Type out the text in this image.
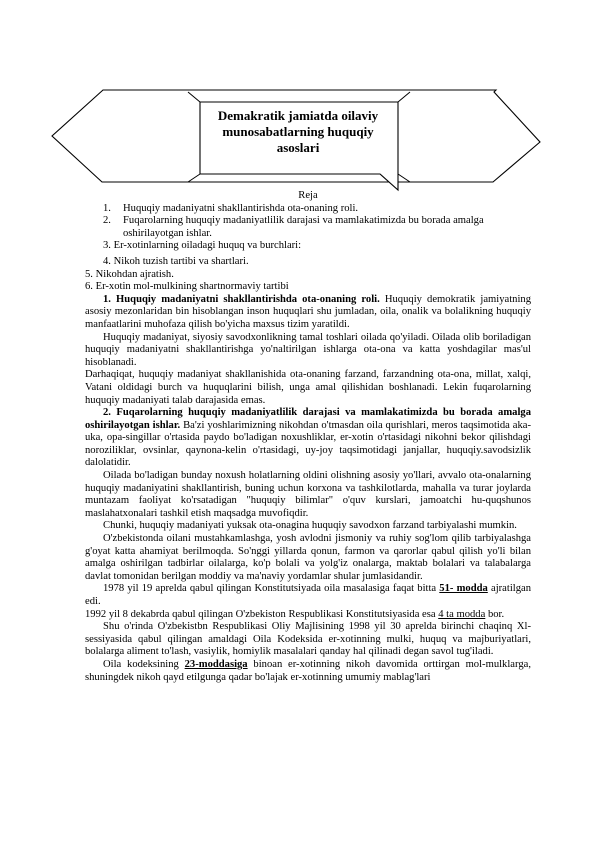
Demakratik jamiatda oilaviy
munosabatlarning huquqiy
asoslari
Reja
1. Huquqiy madaniyatni shakllantirishda ota-onaning roli.
2. Fuqarolarning huquqiy madaniyatlilik darajasi va mamlakatimizda bu borada amalga
oshirilayotgan ishlar.
3. Er-xotinlarning oiladagi huquq va burchlari:
4. Nikoh tuzish tartibi va shartlari.
5. Nikohdan ajratish.
6. Er-xotin mol-mulkining shartnormaviy tartibi

1. Huquqiy madaniyatni shakllantirishda ota-onaning roli. Huquqiy demokratik jamiyatning asosiy mezonlaridan bin hisoblangan inson huquqlari shu jumladan, oila, onalik va bolalikning huquqiy manfaatlarini muhofaza qilish bo'yicha maxsus tizim yaratildi.

Huquqiy madaniyat, siyosiy savodxonlikning tamal toshlari oilada qo'yiladi. Oilada olib boriladigan huquqiy madaniyatni shakllantirishga yo'naltirilgan ishlarga ota-ona va katta yoshdagilar mas'ul hisoblanadi.

Darhaqiqat, huquqiy madaniyat shakllanishida ota-onaning farzand, farzandning ota-ona, millat, xalqi, Vatani oldidagi burch va huquqlarini bilish, unga amal qilishidan boshlanadi. Lekin fuqarolarning huquqiy madaniyati talab darajasida emas.

2. Fuqarolarning huquqiy madaniyatlilik darajasi va mamlakatimizda bu borada amalga oshirilayotgan ishlar. Ba'zi yoshlarimizning nikohdan o'tmasdan oila qurishlari, meros taqsimotida aka-uka, opa-singillar o'rtasida paydo bo'ladigan noxushliklar, er-xotin o'rtasidagi nikohni bekor qilishdagi noroziliklar, ovsinlar, qaynona-kelin o'rtasidagi, uy-joy taqsimotidagi janjallar, huquqiy.savodsizlik dalolatidir.

Oilada bo'ladigan bunday noxush holatlarning oldini olishning asosiy yo'llari, avvalo ota-onalarning huquqiy madaniyatini shakllantirish, buning uchun korxona va tashkilotlarda, mahalla va turar joylarda muntazam faoliyat ko'rsatadigan "huquqiy bilimlar" o'quv kurslari, jamoatchi hu-quqshunos maslahatxonalari tashkil etish maqsadga muvofiqdir.

Chunki, huquqiy madaniyati yuksak ota-onagina huquqiy savodxon farzand tarbiyalashi mumkin.

O'zbekistonda oilani mustahkamlashga, yosh avlodni jismoniy va ruhiy sog'lom qilib tarbiyalashga g'oyat katta ahamiyat berilmoqda. So'nggi yillarda qonun, farmon va qarorlar qabul qilish yo'li bilan amalga oshirilgan tadbirlar oilalarga, ko'p bolali va yolg'iz onalarga, maktab bolalari va talabalarga davlat tomonidan berilgan moddiy va ma'naviy yordamlar shular jumlasidandir.

1978 yil 19 aprelda qabul qilingan Konstitutsiyada oila masalasiga faqat bitta 51- modda ajratilgan edi.

1992 yil 8 dekabrda qabul qilingan O'zbekiston Respublikasi Konstitutsiyasida esa 4 ta modda bor.

Shu o'rinda O'zbekistbn Respublikasi Oliy Majlisining 1998 yil 30 aprelda birinchi chaqinq Xl-sessiyasida qabul qilingan amaldagi Oila Kodeksida er-xotinning mulki, huquq va majburiyatlari, bolalarga aliment to'lash, vasiylik, homiylik masalalari qanday hal qilinadi degan savol tug'iladi.

Oila kodeksining 23-moddasiga binoan er-xotinning nikoh davomida orttirgan mol-mulklarga, shuningdek nikoh qayd etilgunga qadar bo'lajak er-xotinning umumiy mablag'lari
